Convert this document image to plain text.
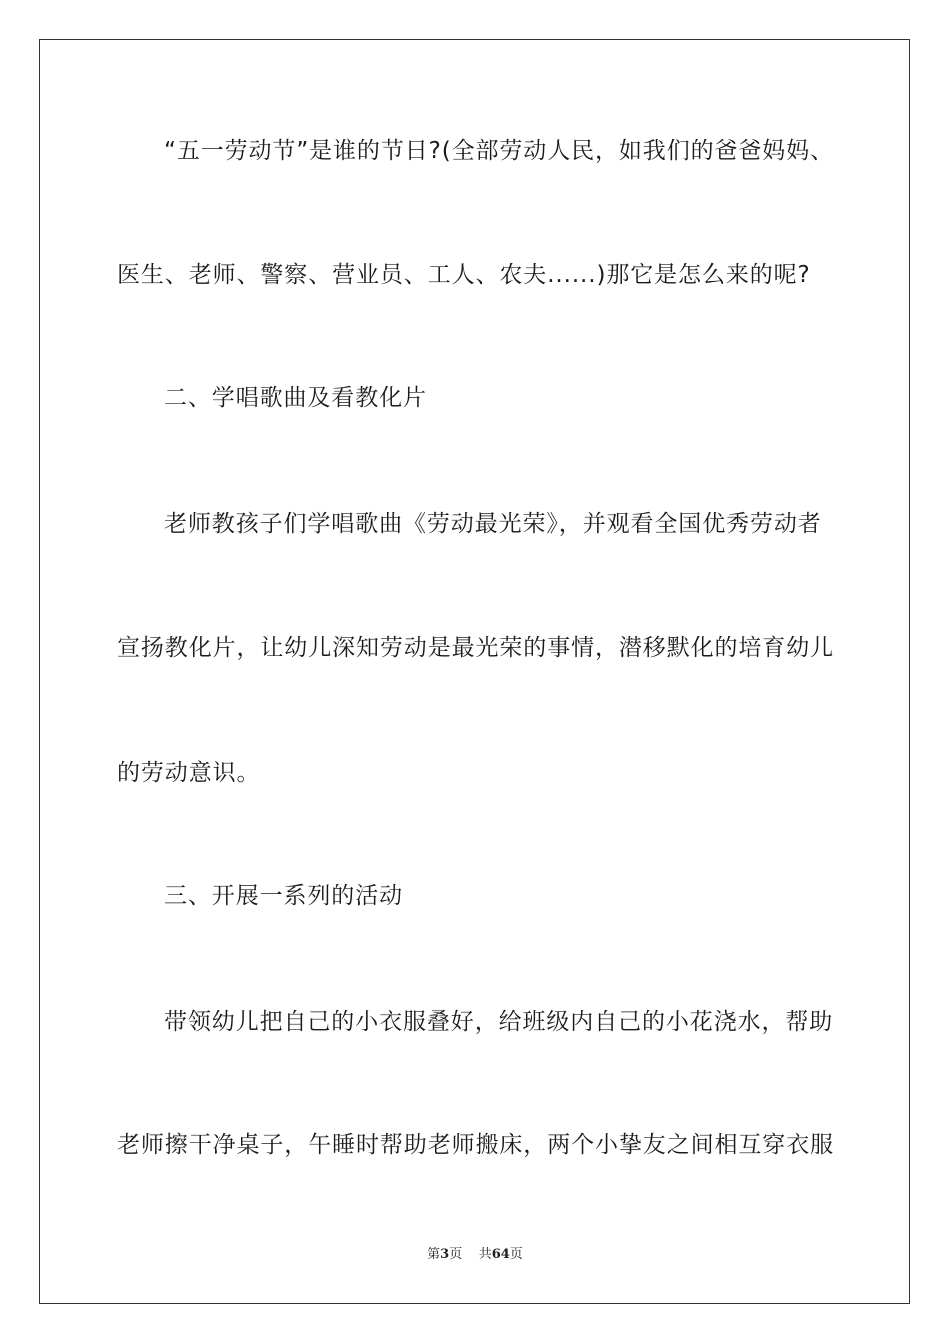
“五一劳动节”是谁的节日?(全部劳动人民，如我们的爸爸妈妈、
医生、老师、警察、营业员、工人、农夫......)那它是怎么来的呢?
二、学唱歌曲及看教化片
老师教孩子们学唱歌曲《劳动最光荣》，并观看全国优秀劳动者
宣扬教化片，让幼儿深知劳动是最光荣的事情，潜移默化的培育幼儿
的劳动意识。
三、开展一系列的活动
带领幼儿把自己的小衣服叠好，给班级内自己的小花浇水，帮助
老师擦干净桌子，午睡时帮助老师搬床，两个小挚友之间相互穿衣服
第3页 共64页
